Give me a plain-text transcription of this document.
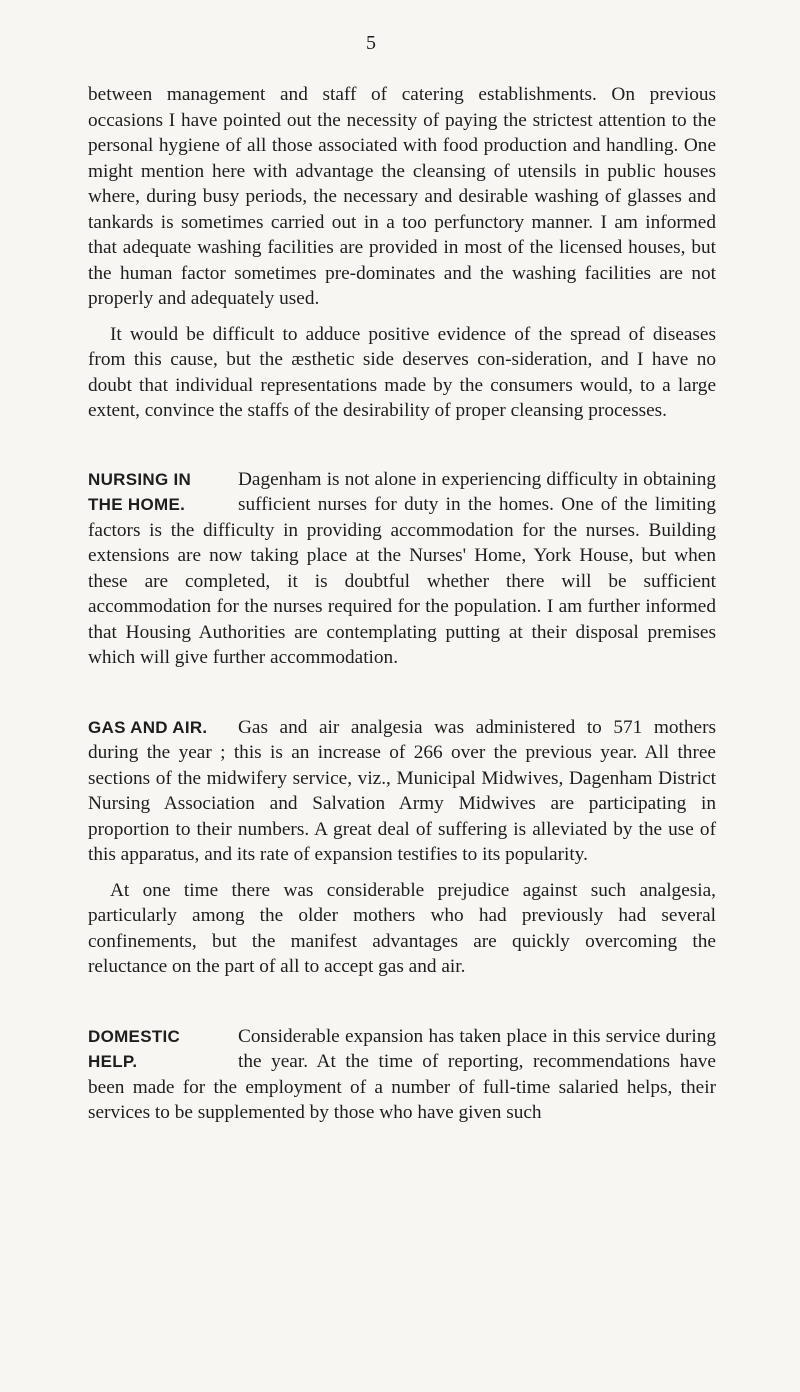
5

between management and staff of catering establishments. On previous occasions I have pointed out the necessity of paying the strictest attention to the personal hygiene of all those associated with food production and handling. One might mention here with advantage the cleansing of utensils in public houses where, during busy periods, the necessary and desirable washing of glasses and tankards is sometimes carried out in a too perfunctory manner. I am informed that adequate washing facilities are provided in most of the licensed houses, but the human factor sometimes pre-dominates and the washing facilities are not properly and adequately used.

It would be difficult to adduce positive evidence of the spread of diseases from this cause, but the æsthetic side deserves con-sideration, and I have no doubt that individual representations made by the consumers would, to a large extent, convince the staffs of the desirability of proper cleansing processes.

NURSING IN
THE HOME.

Dagenham is not alone in experiencing difficulty in obtaining sufficient nurses for duty in the homes. One of the limiting factors is the difficulty in providing accommodation for the nurses. Building extensions are now taking place at the Nurses' Home, York House, but when these are completed, it is doubtful whether there will be sufficient accommodation for the nurses required for the population. I am further informed that Housing Authorities are contemplating putting at their disposal premises which will give further accommodation.

GAS AND AIR.	Gas and air analgesia was administered to 571 mothers during the year ; this is an increase of 266 over the previous year. All three sections of the midwifery service, viz., Municipal Midwives, Dagenham District Nursing Association and Salvation Army Midwives are participating in proportion to their numbers. A great deal of suffering is alleviated by the use of this apparatus, and its rate of expansion testifies to its popularity.

At one time there was considerable prejudice against such analgesia, particularly among the older mothers who had previously had several confinements, but the manifest advantages are quickly overcoming the reluctance on the part of all to accept gas and air.

DOMESTIC
HELP.

Considerable expansion has taken place in this service during the year. At the time of reporting, recommendations have been made for the employment of a number of full-time salaried helps, their services to be supplemented by those who have given such
